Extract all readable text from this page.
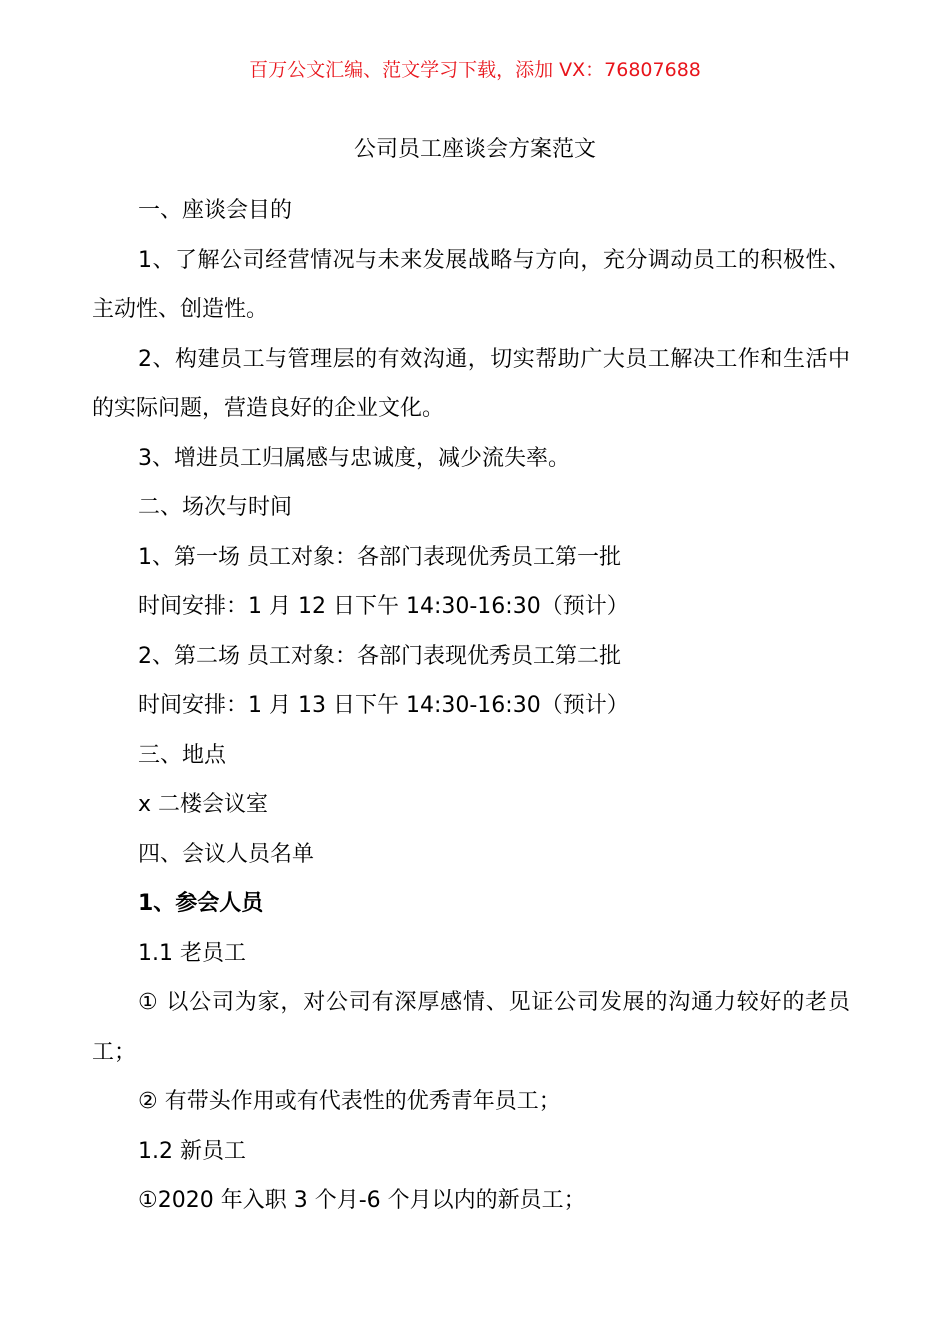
百万公文汇编、范文学习下载，添加 VX：76807688
公司员工座谈会方案范文

一、座谈会目的

1、了解公司经营情况与未来发展战略与方向，充分调动员工的积极性、主动性、创造性。

2、构建员工与管理层的有效沟通，切实帮助广大员工解决工作和生活中的实际问题，营造良好的企业文化。

3、增进员工归属感与忠诚度，减少流失率。

二、场次与时间

1、第一场 员工对象：各部门表现优秀员工第一批

时间安排：1 月 12 日下午 14:30-16:30（预计）

2、第二场 员工对象：各部门表现优秀员工第二批

时间安排：1 月 13 日下午 14:30-16:30（预计）

三、地点

x 二楼会议室

四、会议人员名单

1、参会人员

1.1 老员工

① 以公司为家，对公司有深厚感情、见证公司发展的沟通力较好的老员工；

② 有带头作用或有代表性的优秀青年员工；

1.2 新员工

①2020 年入职 3 个月-6 个月以内的新员工；
